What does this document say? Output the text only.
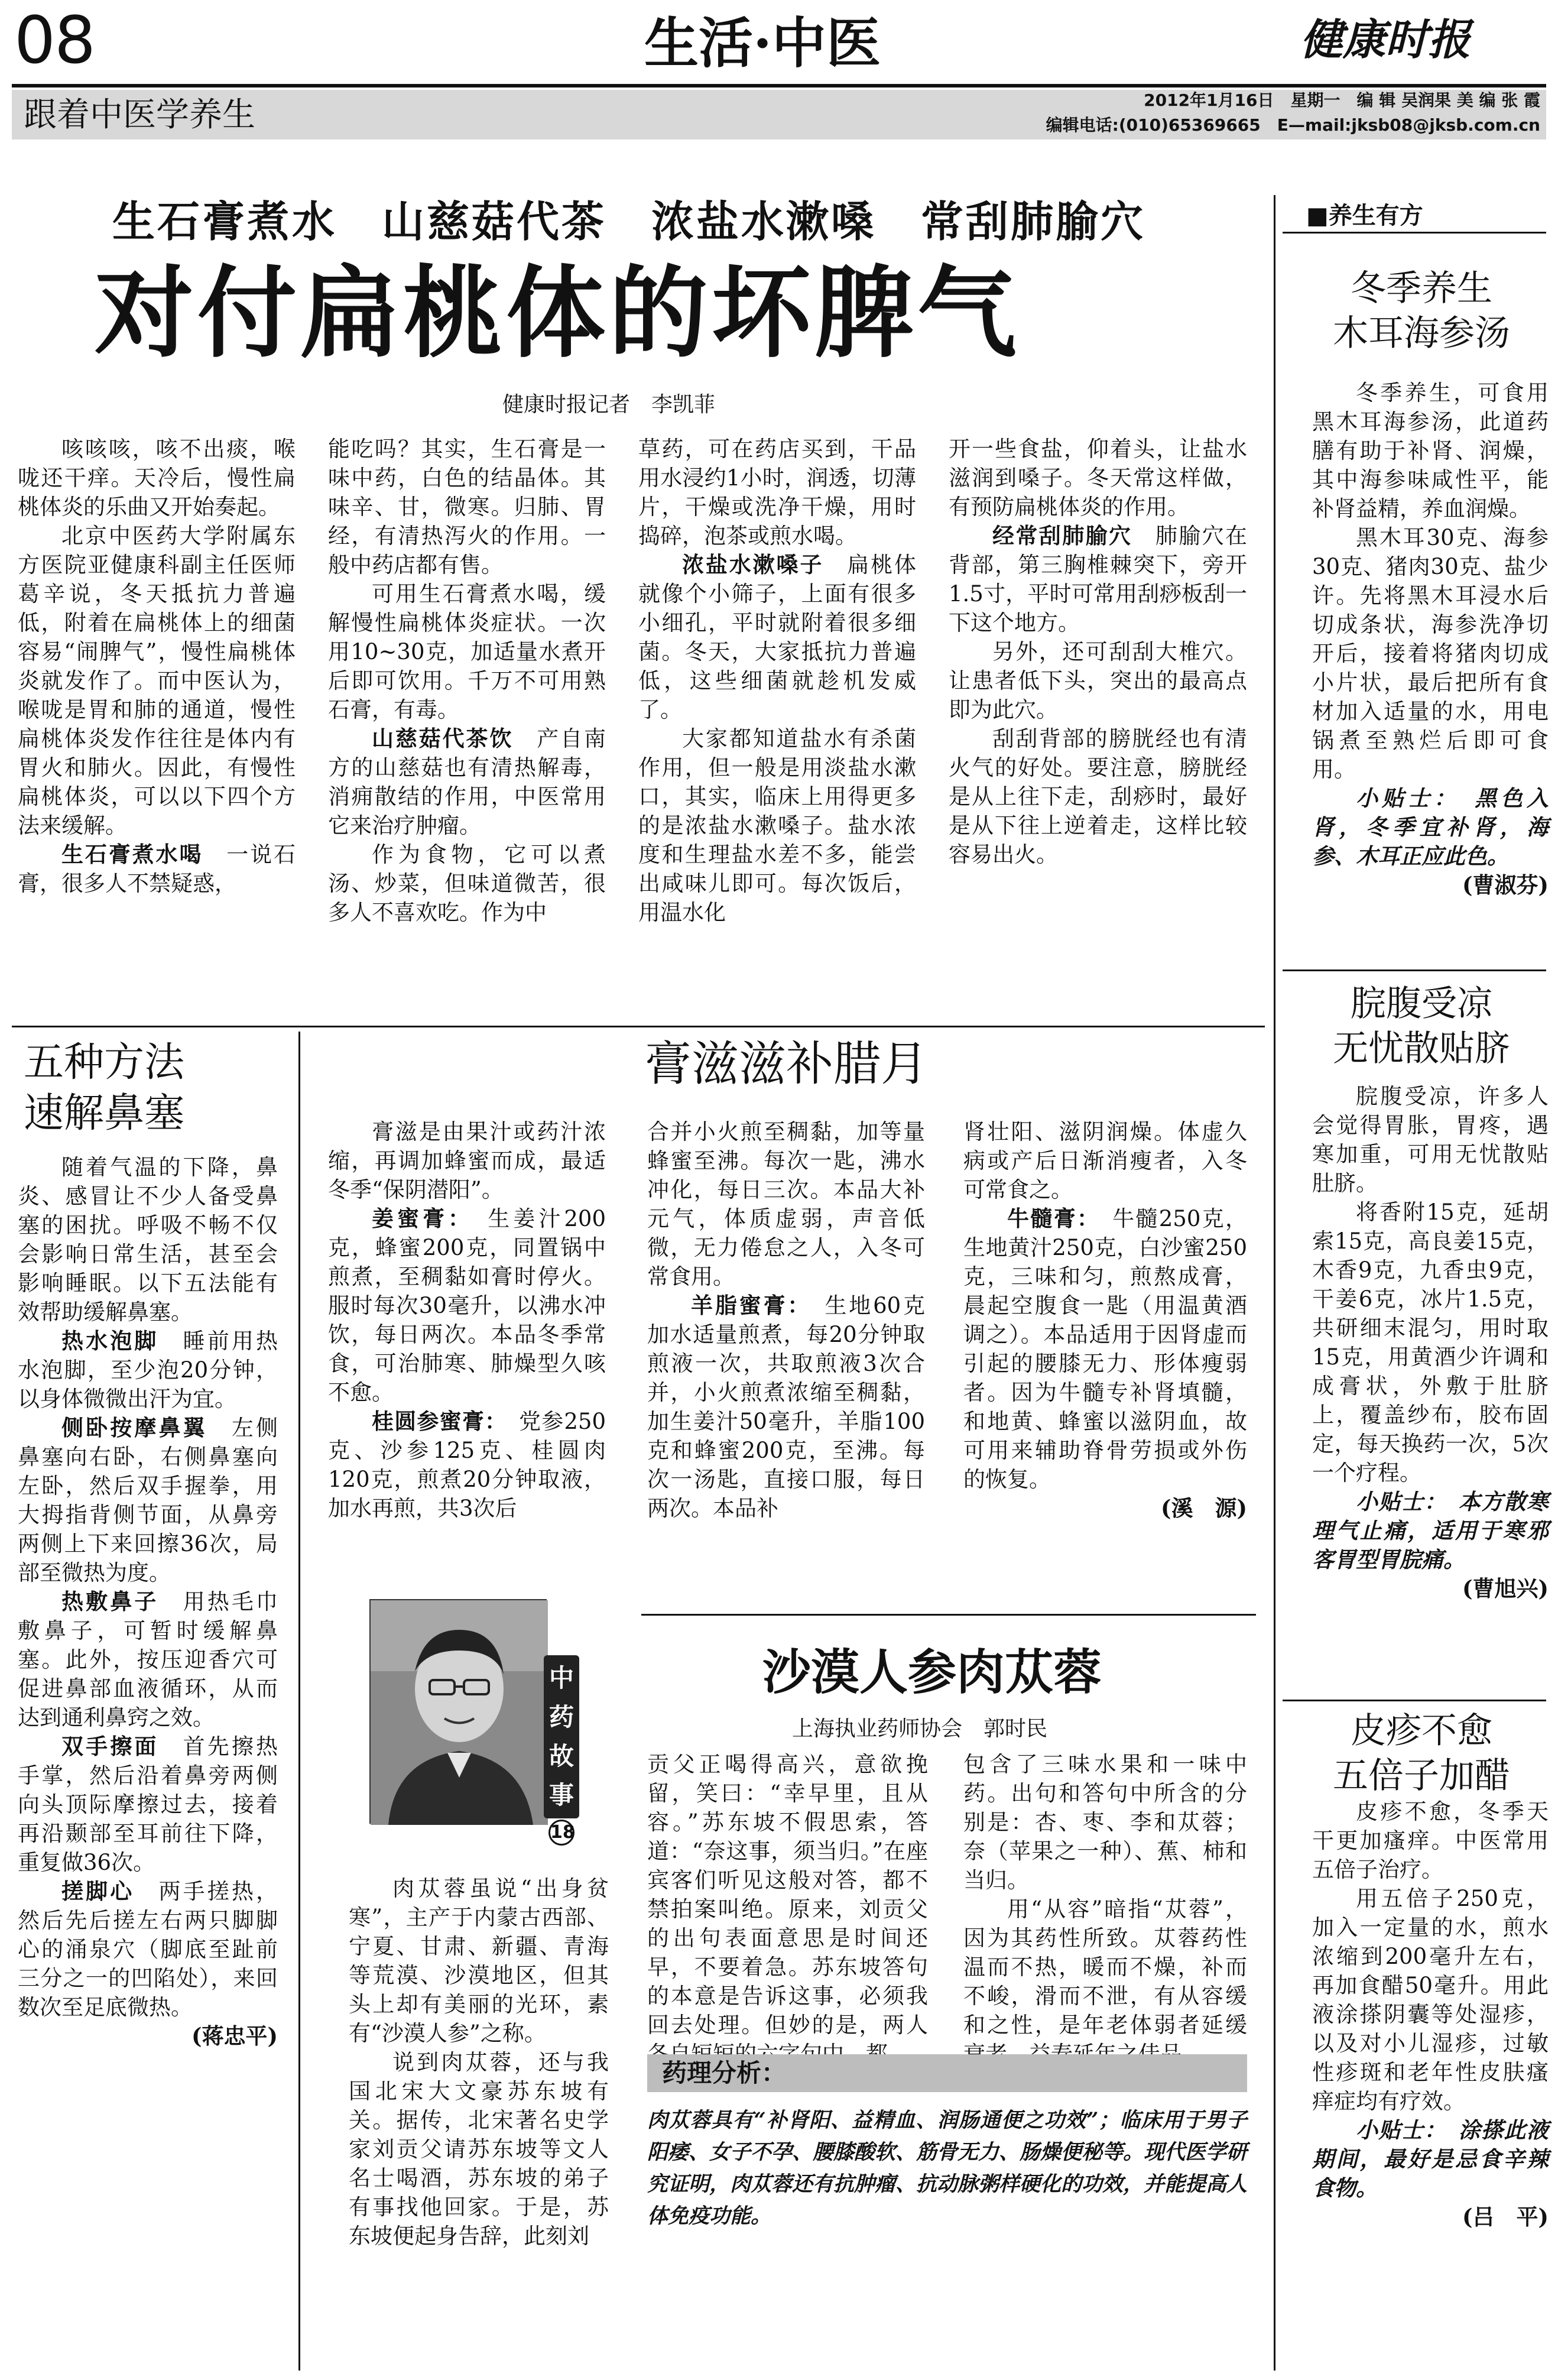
08	生活·中医	健康时报
跟着中医学养生	2012年1月16日　星期一　编 辑 吴润果 美 编 张 霞
编辑电话:(010)65369665　E—mail:jksb08@jksb.com.cn
生石膏煮水　山慈菇代茶　浓盐水漱嗓　常刮肺腧穴
对付扁桃体的坏脾气
健康时报记者　李凯菲

咳咳咳，咳不出痰，喉咙还干痒。天冷后，慢性扁桃体炎的乐曲又开始奏起。

北京中医药大学附属东方医院亚健康科副主任医师葛辛说，冬天抵抗力普遍低，附着在扁桃体上的细菌容易“闹脾气”，慢性扁桃体炎就发作了。而中医认为，喉咙是胃和肺的通道，慢性扁桃体炎发作往往是体内有胃火和肺火。因此，有慢性扁桃体炎，可以以下四个方法来缓解。

生石膏煮水喝　一说石膏，很多人不禁疑惑，

能吃吗？其实，生石膏是一味中药，白色的结晶体。其味辛、甘，微寒。归肺、胃经，有清热泻火的作用。一般中药店都有售。

可用生石膏煮水喝，缓解慢性扁桃体炎症状。一次用10~30克，加适量水煮开后即可饮用。千万不可用熟石膏，有毒。

山慈菇代茶饮　产自南方的山慈菇也有清热解毒，消痈散结的作用，中医常用它来治疗肿瘤。

作为食物，它可以煮汤、炒菜，但味道微苦，很多人不喜欢吃。作为中

草药，可在药店买到，干品用水浸约1小时，润透，切薄片，干燥或洗净干燥，用时捣碎，泡茶或煎水喝。

浓盐水漱嗓子　扁桃体就像个小筛子，上面有很多小细孔，平时就附着很多细菌。冬天，大家抵抗力普遍低，这些细菌就趁机发威了。

大家都知道盐水有杀菌作用，但一般是用淡盐水漱口，其实，临床上用得更多的是浓盐水漱嗓子。盐水浓度和生理盐水差不多，能尝出咸味儿即可。每次饭后，用温水化

开一些食盐，仰着头，让盐水滋润到嗓子。冬天常这样做，有预防扁桃体炎的作用。

经常刮肺腧穴　肺腧穴在背部，第三胸椎棘突下，旁开1.5寸，平时可常用刮痧板刮一下这个地方。

另外，还可刮刮大椎穴。让患者低下头，突出的最高点即为此穴。

刮刮背部的膀胱经也有清火气的好处。要注意，膀胱经是从上往下走，刮痧时，最好是从下往上逆着走，这样比较容易出火。

■养生有方
冬季养生
木耳海参汤

冬季养生，可食用黑木耳海参汤，此道药膳有助于补肾、润燥，其中海参味咸性平，能补肾益精，养血润燥。

黑木耳30克、海参30克、猪肉30克、盐少许。先将黑木耳浸水后切成条状，海参洗净切开后，接着将猪肉切成小片状，最后把所有食材加入适量的水，用电锅煮至熟烂后即可食用。

小贴士：　黑色入肾，冬季宜补肾，海参、木耳正应此色。

(曹淑芬)

脘腹受凉
无忧散贴脐

脘腹受凉，许多人会觉得胃胀，胃疼，遇寒加重，可用无忧散贴肚脐。

将香附15克，延胡索15克，高良姜15克，木香9克，九香虫9克，干姜6克，冰片1.5克，共研细末混匀，用时取15克，用黄酒少许调和成膏状，外敷于肚脐上，覆盖纱布，胶布固定，每天换药一次，5次一个疗程。

小贴士：　本方散寒理气止痛，适用于寒邪客胃型胃脘痛。

(曹旭兴)

皮疹不愈
五倍子加醋

皮疹不愈，冬季天干更加瘙痒。中医常用五倍子治疗。

用五倍子250克，加入一定量的水，煎水浓缩到200毫升左右，再加食醋50毫升。用此液涂搽阴囊等处湿疹，以及对小儿湿疹，过敏性疹斑和老年性皮肤瘙痒症均有疗效。

小贴士：　涂搽此液期间，最好是忌食辛辣食物。

(吕　平)

五种方法
速解鼻塞

随着气温的下降，鼻炎、感冒让不少人备受鼻塞的困扰。呼吸不畅不仅会影响日常生活，甚至会影响睡眠。以下五法能有效帮助缓解鼻塞。

热水泡脚　睡前用热水泡脚，至少泡20分钟，以身体微微出汗为宜。

侧卧按摩鼻翼　左侧鼻塞向右卧，右侧鼻塞向左卧，然后双手握拳，用大拇指背侧节面，从鼻旁两侧上下来回擦36次，局部至微热为度。

热敷鼻子　用热毛巾敷鼻子，可暂时缓解鼻塞。此外，按压迎香穴可促进鼻部血液循环，从而达到通利鼻窍之效。

双手擦面　首先擦热手掌，然后沿着鼻旁两侧向头顶际摩擦过去，接着再沿颞部至耳前往下降，重复做36次。

搓脚心　两手搓热，然后先后搓左右两只脚脚心的涌泉穴（脚底至趾前三分之一的凹陷处），来回数次至足底微热。

(蒋忠平)

膏滋滋补腊月

膏滋是由果汁或药汁浓缩，再调加蜂蜜而成，最适冬季“保阴潜阳”。

姜蜜膏：　生姜汁200克，蜂蜜200克，同置锅中煎煮，至稠黏如膏时停火。服时每次30毫升，以沸水冲饮，每日两次。本品冬季常食，可治肺寒、肺燥型久咳不愈。

桂圆参蜜膏：　党参250克、沙参125克、桂圆肉120克，煎煮20分钟取液，加水再煎，共3次后

合并小火煎至稠黏，加等量蜂蜜至沸。每次一匙，沸水冲化，每日三次。本品大补元气，体质虚弱，声音低微，无力倦怠之人，入冬可常食用。

羊脂蜜膏：　生地60克加水适量煎煮，每20分钟取煎液一次，共取煎液3次合并，小火煎煮浓缩至稠黏，加生姜汁50毫升，羊脂100克和蜂蜜200克，至沸。每次一汤匙，直接口服，每日两次。本品补

肾壮阳、滋阴润燥。体虚久病或产后日渐消瘦者，入冬可常食之。

牛髓膏：　牛髓250克，生地黄汁250克，白沙蜜250克，三味和匀，煎熬成膏，晨起空腹食一匙（用温黄酒调之）。本品适用于因肾虚而引起的腰膝无力、形体瘦弱者。因为牛髓专补肾填髓，和地黄、蜂蜜以滋阴血，故可用来辅助脊骨劳损或外伤的恢复。

(溪　源)

中药故事
18
沙漠人参肉苁蓉
上海执业药师协会　郭时民

肉苁蓉虽说“出身贫寒”，主产于内蒙古西部、宁夏、甘肃、新疆、青海等荒漠、沙漠地区，但其头上却有美丽的光环，素有“沙漠人参”之称。

说到肉苁蓉，还与我国北宋大文豪苏东坡有关。据传，北宋著名史学家刘贡父请苏东坡等文人名士喝酒，苏东坡的弟子有事找他回家。于是，苏东坡便起身告辞，此刻刘

贡父正喝得高兴，意欲挽留，笑曰：“幸早里，且从容。”苏东坡不假思索，答道：“奈这事，须当归。”在座宾客们听见这般对答，都不禁拍案叫绝。原来，刘贡父的出句表面意思是时间还早，不要着急。苏东坡答句的本意是告诉这事，必须我回去处理。但妙的是，两人

包含了三味水果和一味中药。出句和答句中所含的分别是：杏、枣、李和苁蓉；奈（苹果之一种）、蕉、柿和当归。

用“从容”暗指“苁蓉”，因为其药性所致。苁蓉药性温而不热，暖而不燥，补而不峻，滑而不泄，有从容缓和之性，是年老体弱者延缓

药理分析：
肉苁蓉具有“补肾阳、益精血、润肠通便之功效”；临床用于男子阳痿、女子不孕、腰膝酸软、筋骨无力、肠燥便秘等。现代医学研究证明，肉苁蓉还有抗肿瘤、抗动脉粥样硬化的功效，并能提高人体免疫功能。
